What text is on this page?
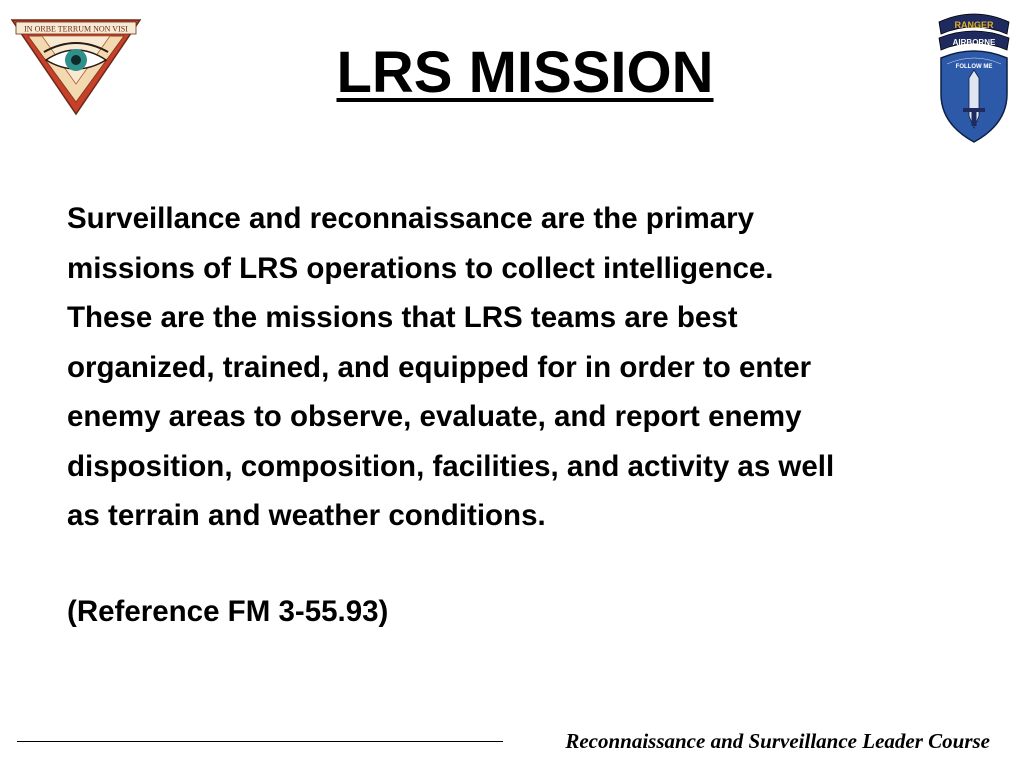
IN ORBE TERRUM NON VISI	RANGER
AIRBORNE
FOLLOW ME
LRS MISSION
Surveillance and reconnaissance are the primary
missions of LRS operations to collect intelligence.
These are the missions that LRS teams are best
organized, trained, and equipped for in order to enter
enemy areas to observe, evaluate, and report enemy
disposition, composition, facilities, and activity as well
as terrain and weather conditions.
(Reference FM 3-55.93)
Reconnaissance and Surveillance Leader Course
